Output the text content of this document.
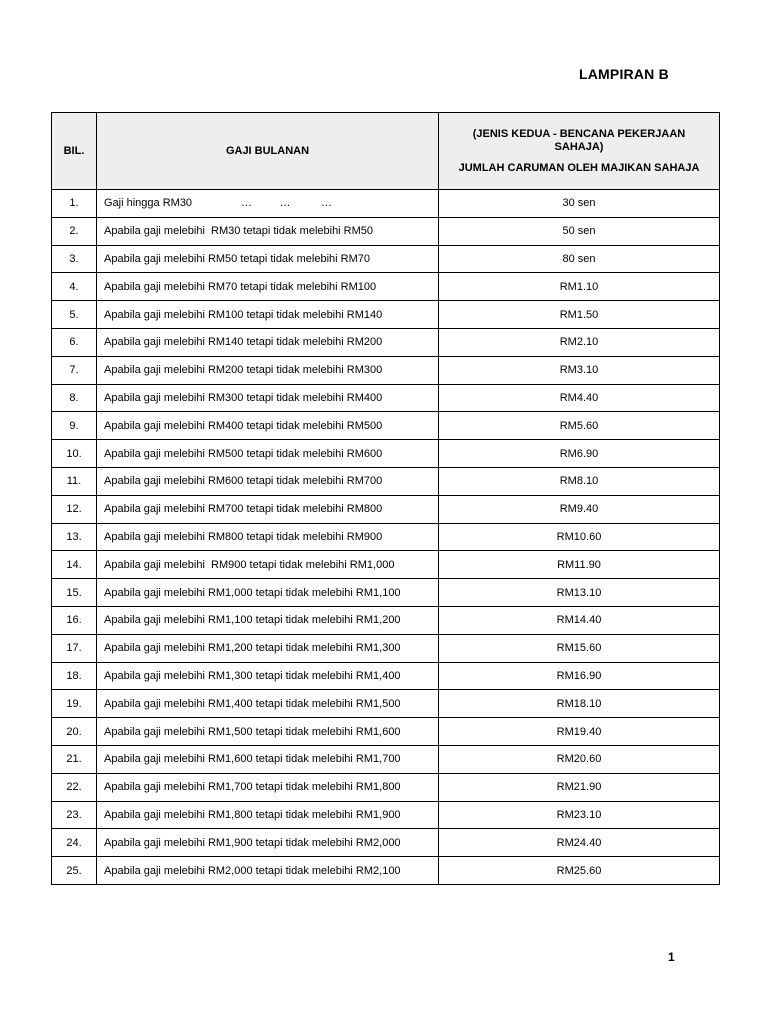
LAMPIRAN B
BIL.	GAJI BULANAN	(JENIS KEDUA - BENCANA PEKERJAAN SAHAJA)
JUMLAH CARUMAN OLEH MAJIKAN SAHAJA

1.	Gaji hingga RM30                …         …          …	30 sen
2.	Apabila gaji melebihi  RM30 tetapi tidak melebihi RM50	50 sen
3.	Apabila gaji melebihi RM50 tetapi tidak melebihi RM70	80 sen
4.	Apabila gaji melebihi RM70 tetapi tidak melebihi RM100	RM1.10
5.	Apabila gaji melebihi RM100 tetapi tidak melebihi RM140	RM1.50
6.	Apabila gaji melebihi RM140 tetapi tidak melebihi RM200	RM2.10
7.	Apabila gaji melebihi RM200 tetapi tidak melebihi RM300	RM3.10
8.	Apabila gaji melebihi RM300 tetapi tidak melebihi RM400	RM4.40
9.	Apabila gaji melebihi RM400 tetapi tidak melebihi RM500	RM5.60
10.	Apabila gaji melebihi RM500 tetapi tidak melebihi RM600	RM6.90
11.	Apabila gaji melebihi RM600 tetapi tidak melebihi RM700	RM8.10
12.	Apabila gaji melebihi RM700 tetapi tidak melebihi RM800	RM9.40
13.	Apabila gaji melebihi RM800 tetapi tidak melebihi RM900	RM10.60
14.	Apabila gaji melebihi  RM900 tetapi tidak melebihi RM1,000	RM11.90
15.	Apabila gaji melebihi RM1,000 tetapi tidak melebihi RM1,100	RM13.10
16.	Apabila gaji melebihi RM1,100 tetapi tidak melebihi RM1,200	RM14.40
17.	Apabila gaji melebihi RM1,200 tetapi tidak melebihi RM1,300	RM15.60
18.	Apabila gaji melebihi RM1,300 tetapi tidak melebihi RM1,400	RM16.90
19.	Apabila gaji melebihi RM1,400 tetapi tidak melebihi RM1,500	RM18.10
20.	Apabila gaji melebihi RM1,500 tetapi tidak melebihi RM1,600	RM19.40
21.	Apabila gaji melebihi RM1,600 tetapi tidak melebihi RM1,700	RM20.60
22.	Apabila gaji melebihi RM1,700 tetapi tidak melebihi RM1,800	RM21.90
23.	Apabila gaji melebihi RM1,800 tetapi tidak melebihi RM1,900	RM23.10
24.	Apabila gaji melebihi RM1,900 tetapi tidak melebihi RM2,000	RM24.40
25.	Apabila gaji melebihi RM2,000 tetapi tidak melebihi RM2,100	RM25.60
1
